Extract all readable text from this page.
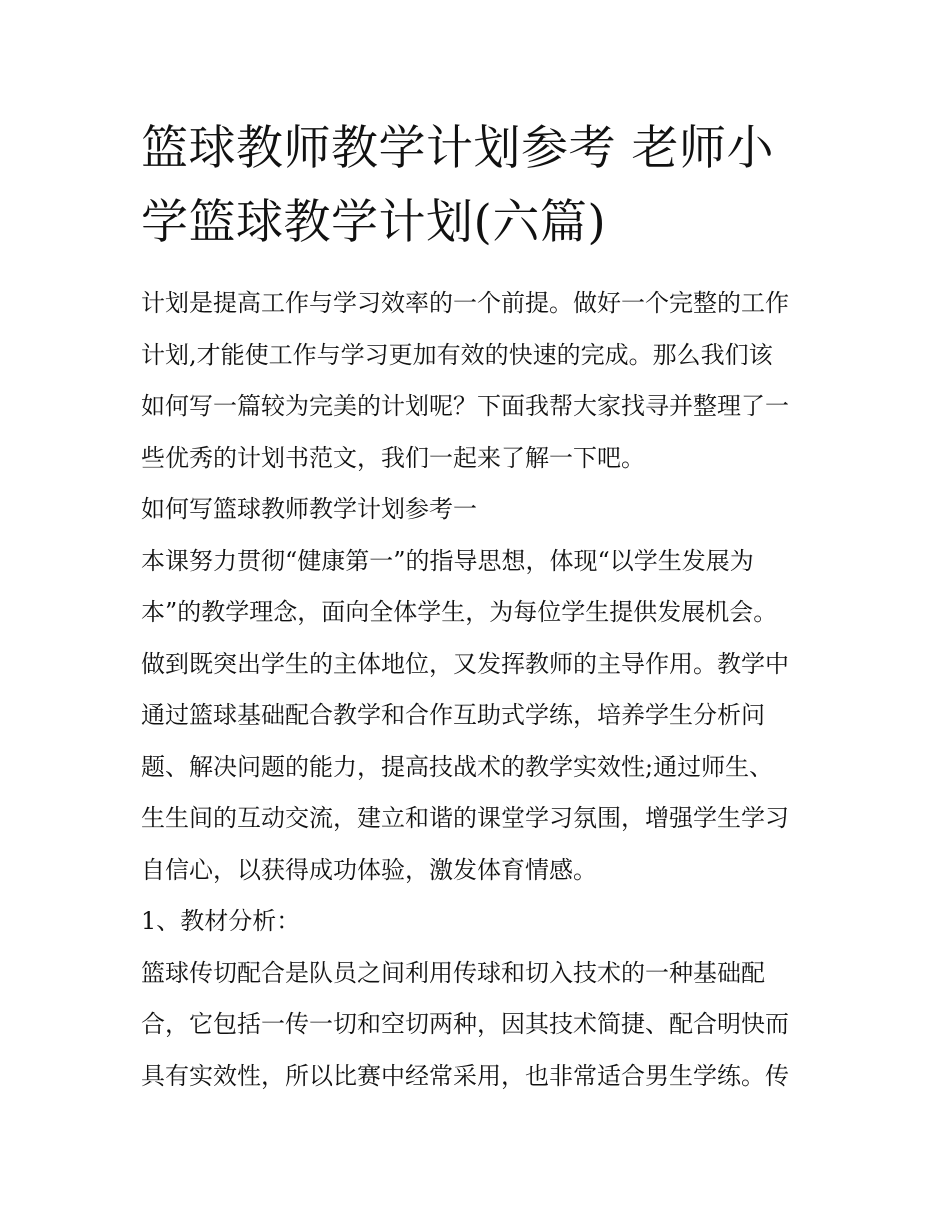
篮球教师教学计划参考 老师小
学篮球教学计划(六篇)
计划是提高工作与学习效率的一个前提。做好一个完整的工作
计划,才能使工作与学习更加有效的快速的完成。那么我们该
如何写一篇较为完美的计划呢？下面我帮大家找寻并整理了一
些优秀的计划书范文，我们一起来了解一下吧。
如何写篮球教师教学计划参考一
本课努力贯彻“健康第一”的指导思想，体现“以学生发展为
本”的教学理念，面向全体学生，为每位学生提供发展机会。
做到既突出学生的主体地位，又发挥教师的主导作用。教学中
通过篮球基础配合教学和合作互助式学练，培养学生分析问
题、解决问题的能力，提高技战术的教学实效性;通过师生、
生生间的互动交流，建立和谐的课堂学习氛围，增强学生学习
自信心，以获得成功体验，激发体育情感。
1、教材分析：
篮球传切配合是队员之间利用传球和切入技术的一种基础配
合，它包括一传一切和空切两种，因其技术简捷、配合明快而
具有实效性，所以比赛中经常采用，也非常适合男生学练。传
